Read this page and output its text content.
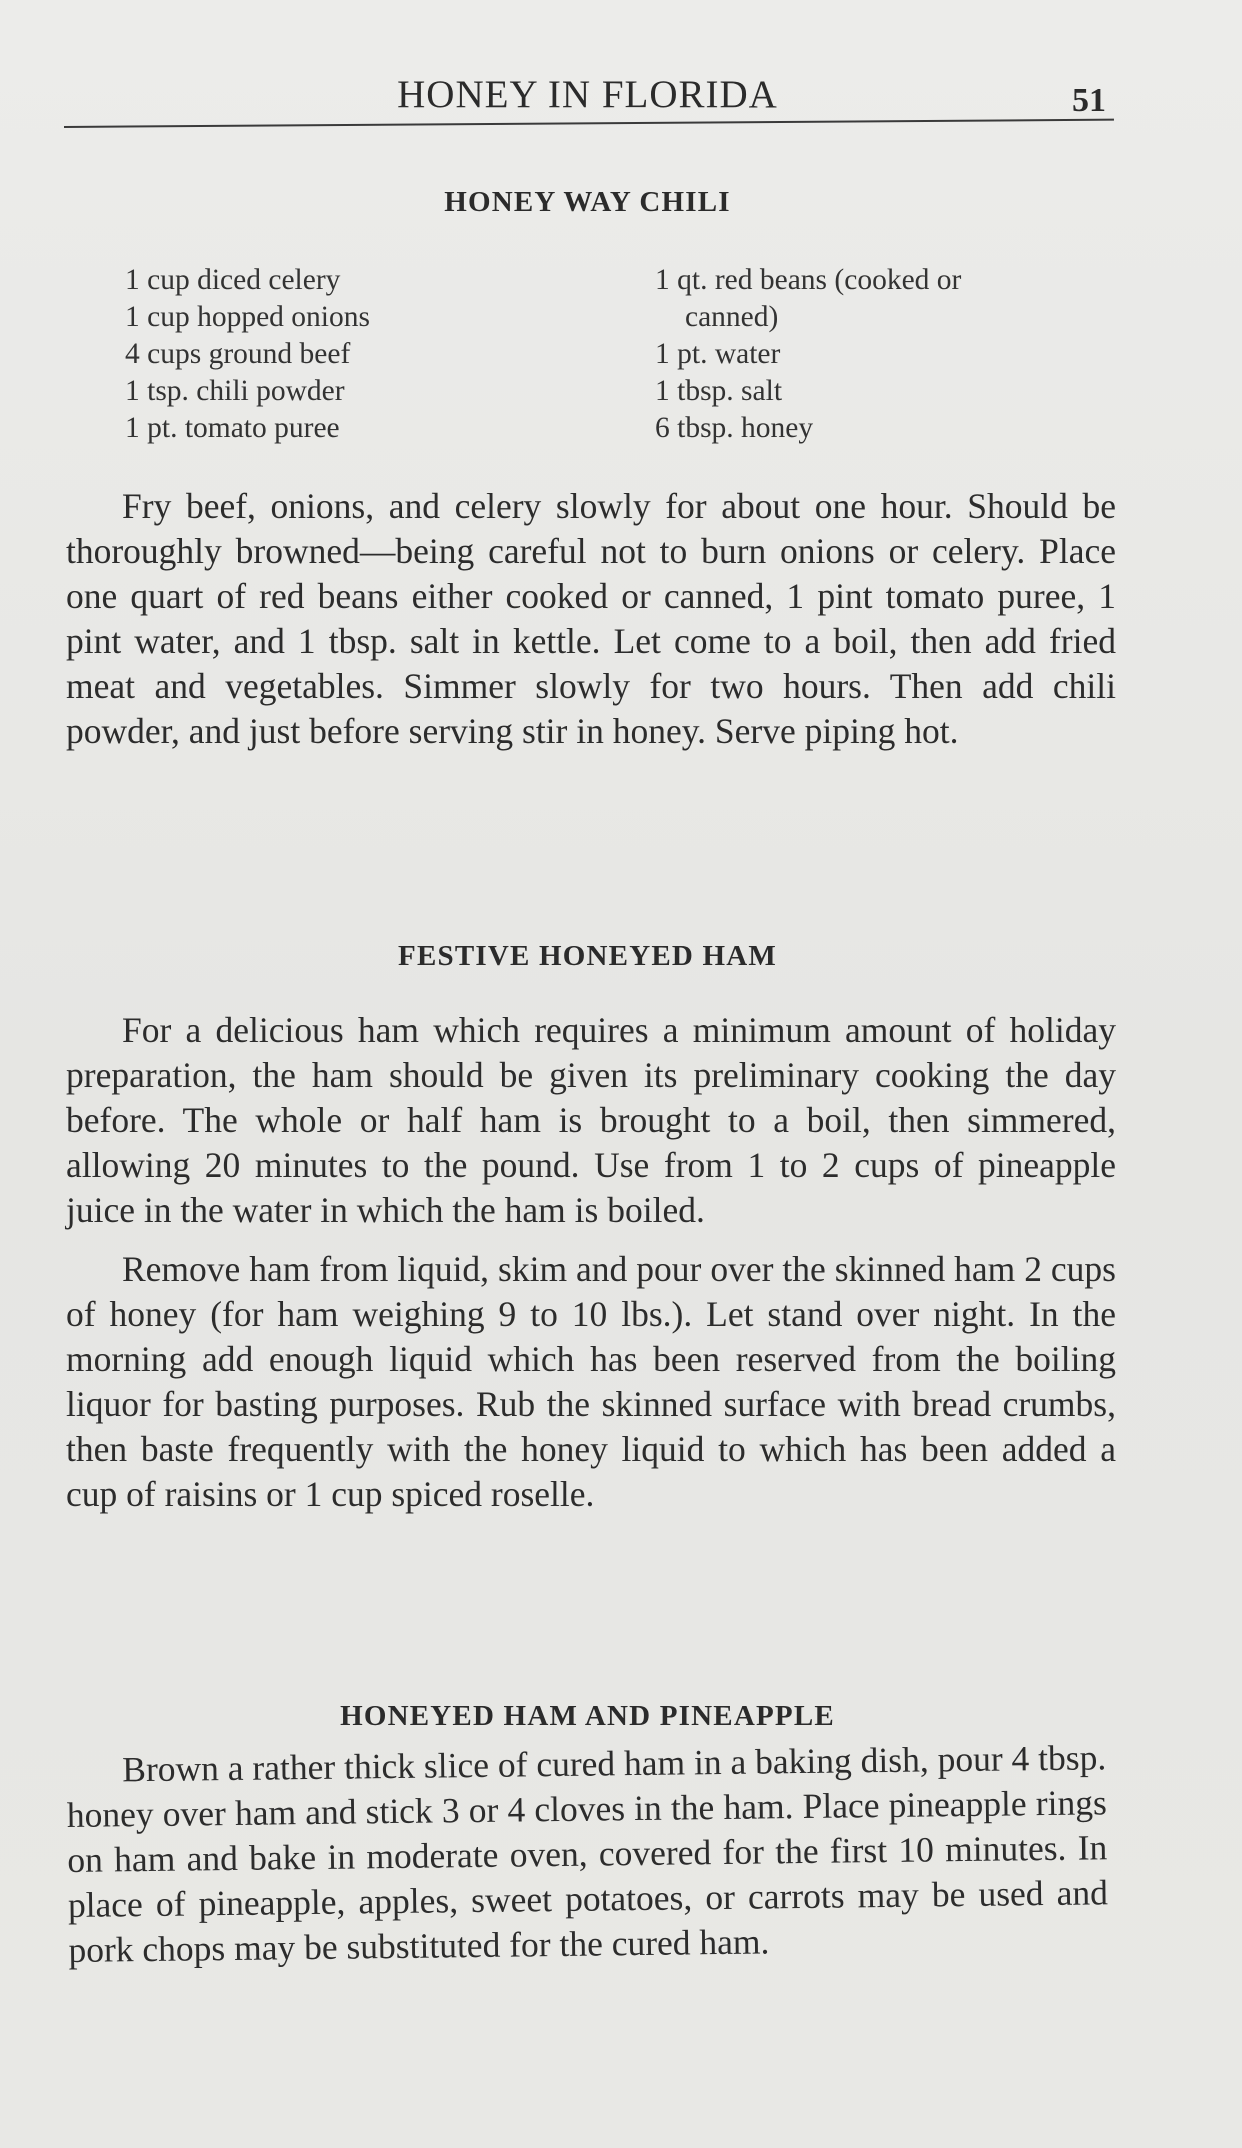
HONEY IN FLORIDA	51
HONEY WAY CHILI
1 cup diced celery
1 cup hopped onions
4 cups ground beef
1 tsp. chili powder
1 pt. tomato puree
1 qt. red beans (cooked or
canned)
1 pt. water
1 tbsp. salt
6 tbsp. honey

Fry beef, onions, and celery slowly for about one hour. Should be thoroughly browned—being careful not to burn onions or celery. Place one quart of red beans either cooked or canned, 1 pint tomato puree, 1 pint water, and 1 tbsp. salt in kettle. Let come to a boil, then add fried meat and vegetables. Simmer slowly for two hours. Then add chili powder, and just before serving stir in honey. Serve piping hot.

FESTIVE HONEYED HAM

For a delicious ham which requires a minimum amount of holiday preparation, the ham should be given its preliminary cooking the day before. The whole or half ham is brought to a boil, then simmered, allowing 20 minutes to the pound. Use from 1 to 2 cups of pineapple juice in the water in which the ham is boiled.

Remove ham from liquid, skim and pour over the skinned ham 2 cups of honey (for ham weighing 9 to 10 lbs.). Let stand over night. In the morning add enough liquid which has been reserved from the boiling liquor for basting purposes. Rub the skinned surface with bread crumbs, then baste frequently with the honey liquid to which has been added a cup of raisins or 1 cup spiced roselle.

HONEYED HAM AND PINEAPPLE

Brown a rather thick slice of cured ham in a baking dish, pour 4 tbsp. honey over ham and stick 3 or 4 cloves in the ham. Place pineapple rings on ham and bake in moderate oven, covered for the first 10 minutes. In place of pineapple, apples, sweet potatoes, or carrots may be used and pork chops may be substituted for the cured ham.
